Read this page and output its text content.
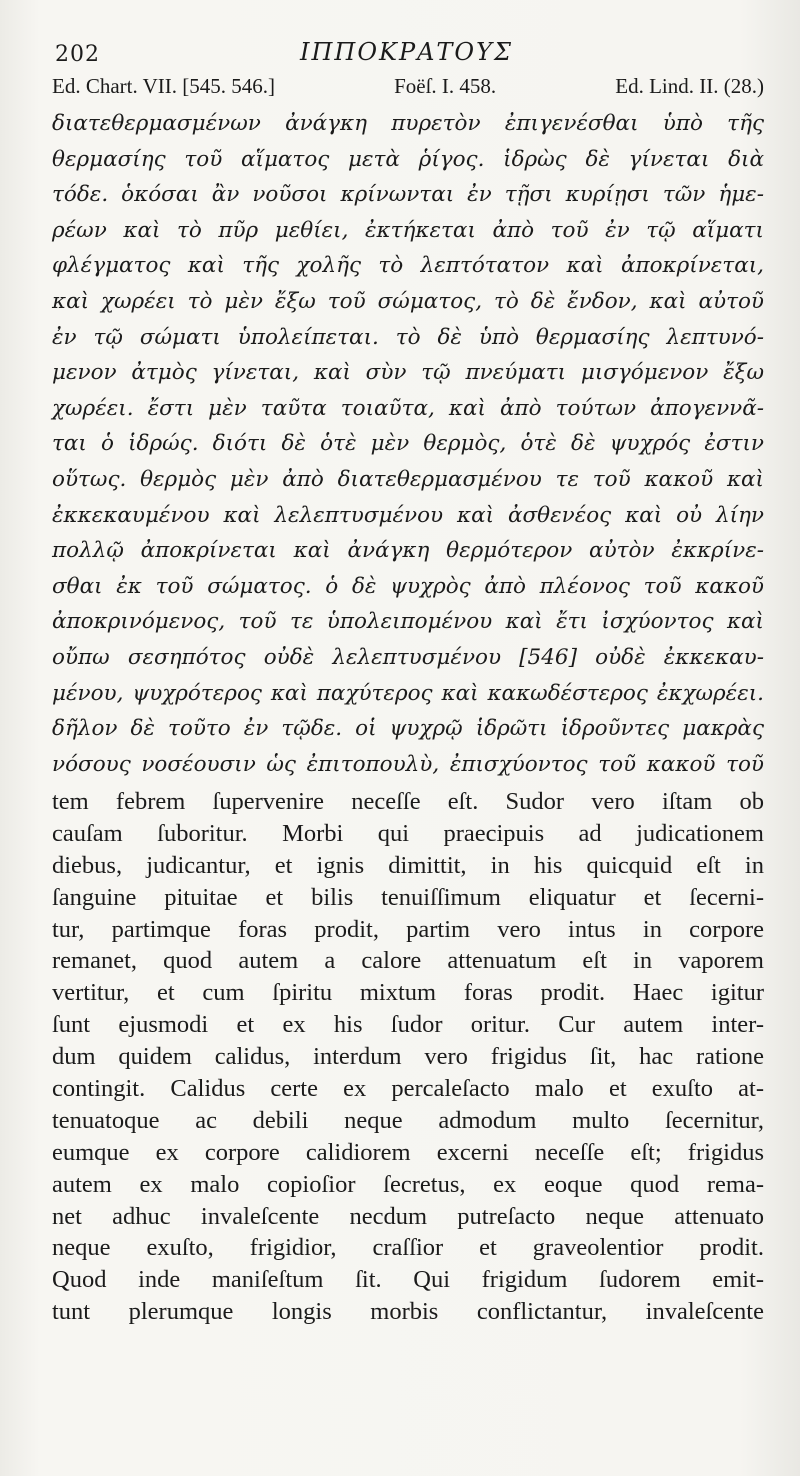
202	ΙΠΠΟΚΡΑΤΟΥΣ
Ed. Chart. VII. [545. 546.]	Foëſ. I. 458.	Ed. Lind. II. (28.)
διατεθερμασμένων ἀνάγκη πυρετὸν ἐπιγενέσθαι ὑπὸ τῆς
θερμασίης τοῦ αἵματος μετὰ ῥίγος. ἱδρὼς δὲ γίνεται διὰ
τόδε. ὁκόσαι ἂν νοῦσοι κρίνωνται ἐν τῇσι κυρίῃσι τῶν ἡμε-
ρέων καὶ τὸ πῦρ μεθίει, ἐκτήκεται ἀπὸ τοῦ ἐν τῷ αἵματι
φλέγματος καὶ τῆς χολῆς τὸ λεπτότατον καὶ ἀποκρίνεται,
καὶ χωρέει τὸ μὲν ἔξω τοῦ σώματος, τὸ δὲ ἔνδον, καὶ αὐτοῦ
ἐν τῷ σώματι ὑπολείπεται. τὸ δὲ ὑπὸ θερμασίης λεπτυνό-
μενον ἀτμὸς γίνεται, καὶ σὺν τῷ πνεύματι μισγόμενον ἔξω
χωρέει. ἔστι μὲν ταῦτα τοιαῦτα, καὶ ἀπὸ τούτων ἀπογεννᾶ-
ται ὁ ἱδρώς. διότι δὲ ὁτὲ μὲν θερμὸς, ὁτὲ δὲ ψυχρός ἐστιν
οὕτως. θερμὸς μὲν ἀπὸ διατεθερμασμένου τε τοῦ κακοῦ καὶ
ἐκκεκαυμένου καὶ λελεπτυσμένου καὶ ἀσθενέος καὶ οὐ λίην
πολλῷ ἀποκρίνεται καὶ ἀνάγκη θερμότερον αὐτὸν ἐκκρίνε-
σθαι ἐκ τοῦ σώματος. ὁ δὲ ψυχρὸς ἀπὸ πλέονος τοῦ κακοῦ
ἀποκρινόμενος, τοῦ τε ὑπολειπομένου καὶ ἔτι ἰσχύοντος καὶ
οὔπω σεσηπότος οὐδὲ λελεπτυσμένου [546] οὐδὲ ἐκκεκαυ-
μένου, ψυχρότερος καὶ παχύτερος καὶ κακωδέστερος ἐκχωρέει.
δῆλον δὲ τοῦτο ἐν τῷδε. οἱ ψυχρῷ ἱδρῶτι ἱδροῦντες μακρὰς
νόσους νοσέουσιν ὡς ἐπιτοπουλὺ, ἐπισχύοντος τοῦ κακοῦ τοῦ
tem febrem ſupervenire neceſſe eſt. Sudor vero iſtam ob
cauſam ſuboritur. Morbi qui praecipuis ad judicationem
diebus, judicantur, et ignis dimittit, in his quicquid eſt in
ſanguine pituitae et bilis tenuiſſimum eliquatur et ſecerni-
tur, partimque foras prodit, partim vero intus in corpore
remanet, quod autem a calore attenuatum eſt in vaporem
vertitur, et cum ſpiritu mixtum foras prodit. Haec igitur
ſunt ejusmodi et ex his ſudor oritur. Cur autem inter-
dum quidem calidus, interdum vero frigidus ſit, hac ratione
contingit. Calidus certe ex percaleſacto malo et exuſto at-
tenuatoque ac debili neque admodum multo ſecernitur,
eumque ex corpore calidiorem excerni neceſſe eſt; frigidus
autem ex malo copioſior ſecretus, ex eoque quod rema-
net adhuc invaleſcente necdum putreſacto neque attenuato
neque exuſto, frigidior, craſſior et graveolentior prodit.
Quod inde maniſeſtum ſit. Qui frigidum ſudorem emit-
tunt plerumque longis morbis conflictantur, invaleſcente
